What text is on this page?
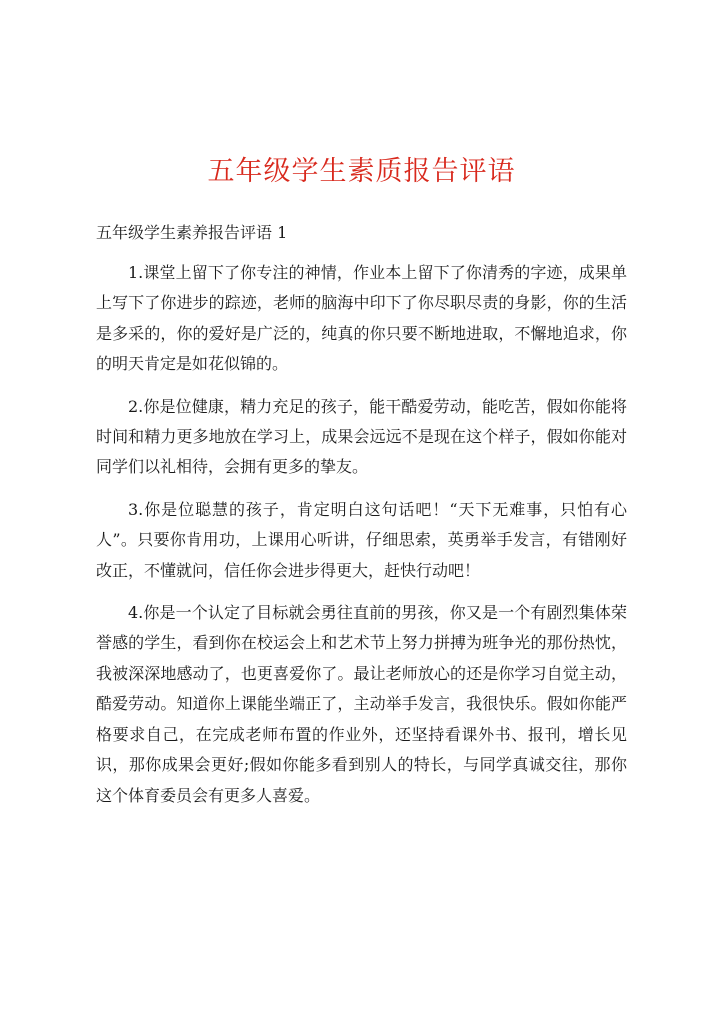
五年级学生素质报告评语
五年级学生素养报告评语 1

1.课堂上留下了你专注的神情，作业本上留下了你清秀的字迹，成果单上写下了你进步的踪迹，老师的脑海中印下了你尽职尽责的身影，你的生活是多采的，你的爱好是广泛的，纯真的你只要不断地进取，不懈地追求，你的明天肯定是如花似锦的。

2.你是位健康，精力充足的孩子，能干酷爱劳动，能吃苦，假如你能将时间和精力更多地放在学习上，成果会远远不是现在这个样子，假如你能对同学们以礼相待，会拥有更多的挚友。

3.你是位聪慧的孩子，肯定明白这句话吧！“天下无难事，只怕有心人”。只要你肯用功，上课用心听讲，仔细思索，英勇举手发言，有错刚好改正，不懂就问，信任你会进步得更大，赶快行动吧！

4.你是一个认定了目标就会勇往直前的男孩，你又是一个有剧烈集体荣誉感的学生，看到你在校运会上和艺术节上努力拼搏为班争光的那份热忱，我被深深地感动了，也更喜爱你了。最让老师放心的还是你学习自觉主动，酷爱劳动。知道你上课能坐端正了，主动举手发言，我很快乐。假如你能严格要求自己，在完成老师布置的作业外，还坚持看课外书、报刊，增长见识，那你成果会更好;假如你能多看到别人的特长，与同学真诚交往，那你这个体育委员会有更多人喜爱。
